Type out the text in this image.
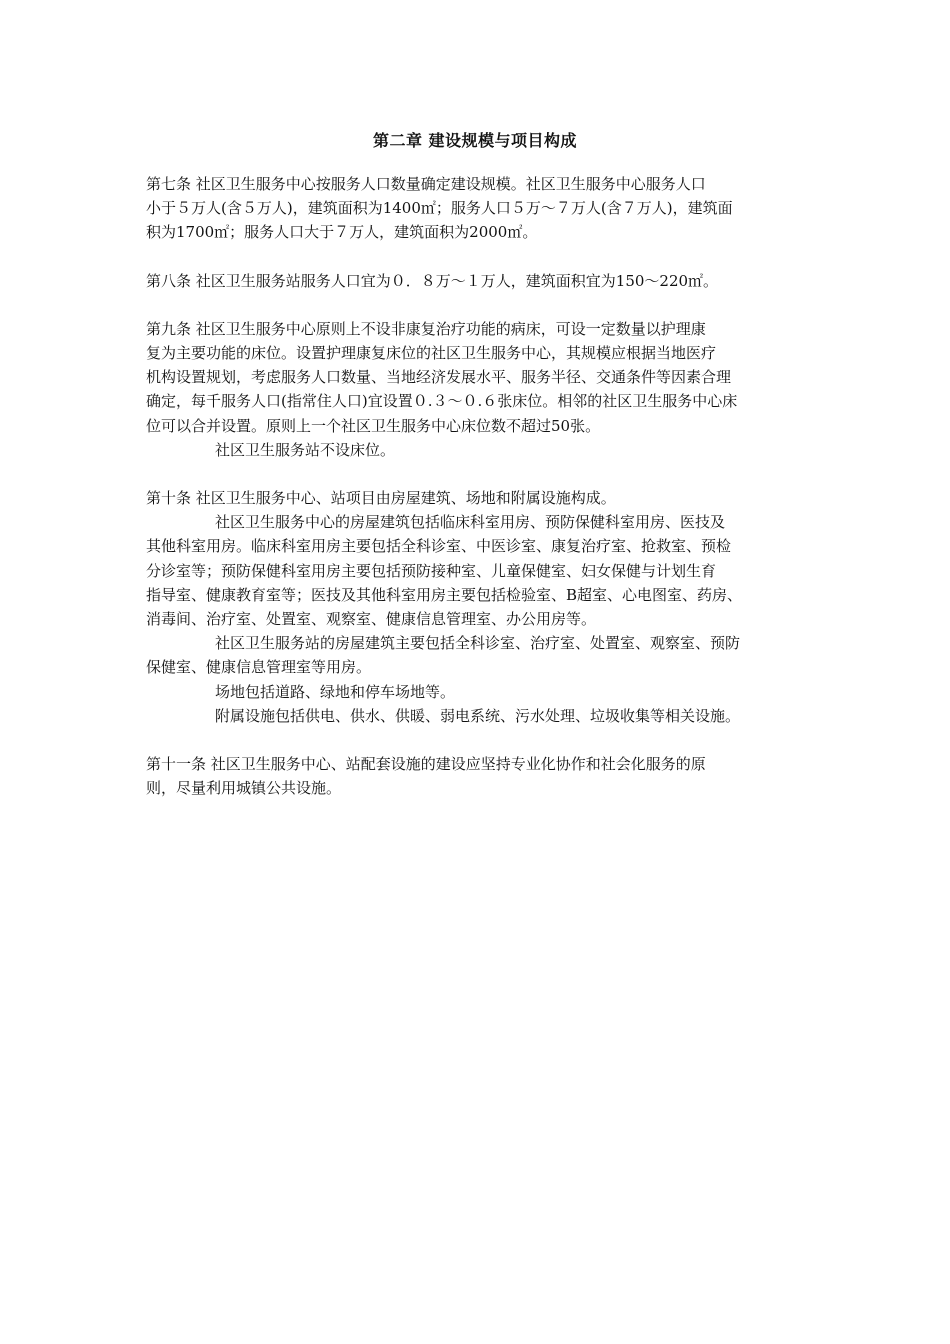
第二章 建设规模与项目构成
第七条 社区卫生服务中心按服务人口数量确定建设规模。社区卫生服务中心服务人口
小于５万人(含５万人)，建筑面积为1400㎡；服务人口５万～７万人(含７万人)，建筑面
积为1700㎡；服务人口大于７万人，建筑面积为2000㎡。
第八条 社区卫生服务站服务人口宜为０．８万～１万人，建筑面积宜为150～220㎡。
第九条 社区卫生服务中心原则上不设非康复治疗功能的病床，可设一定数量以护理康
复为主要功能的床位。设置护理康复床位的社区卫生服务中心，其规模应根据当地医疗
机构设置规划，考虑服务人口数量、当地经济发展水平、服务半径、交通条件等因素合理
确定，每千服务人口(指常住人口)宜设置０.３～０.６张床位。相邻的社区卫生服务中心床
位可以合并设置。原则上一个社区卫生服务中心床位数不超过50张。
社区卫生服务站不设床位。
第十条 社区卫生服务中心、站项目由房屋建筑、场地和附属设施构成。
社区卫生服务中心的房屋建筑包括临床科室用房、预防保健科室用房、医技及
其他科室用房。临床科室用房主要包括全科诊室、中医诊室、康复治疗室、抢救室、预检
分诊室等；预防保健科室用房主要包括预防接种室、儿童保健室、妇女保健与计划生育
指导室、健康教育室等；医技及其他科室用房主要包括检验室、B超室、心电图室、药房、
消毒间、治疗室、处置室、观察室、健康信息管理室、办公用房等。
社区卫生服务站的房屋建筑主要包括全科诊室、治疗室、处置室、观察室、预防
保健室、健康信息管理室等用房。
场地包括道路、绿地和停车场地等。
附属设施包括供电、供水、供暖、弱电系统、污水处理、垃圾收集等相关设施。
第十一条 社区卫生服务中心、站配套设施的建设应坚持专业化协作和社会化服务的原
则，尽量利用城镇公共设施。
